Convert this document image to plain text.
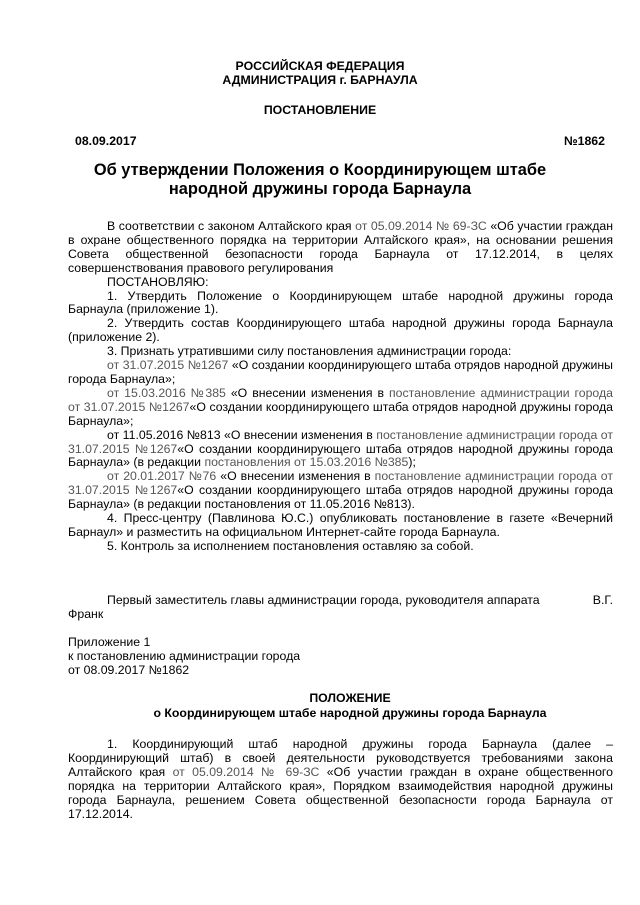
РОССИЙСКАЯ ФЕДЕРАЦИЯ
АДМИНИСТРАЦИЯ г. БАРНАУЛА
ПОСТАНОВЛЕНИЕ
08.09.2017	№1862
Об утверждении Положения о Координирующем штабе
народной дружины города Барнаула
В соответствии с законом Алтайского края от 05.09.2014 № 69-ЗС «Об участии граждан в охране общественного порядка на территории Алтайского края», на основании решения Совета общественной безопасности города Барнаула от 17.12.2014, в целях совершенствования правового регулирования
ПОСТАНОВЛЯЮ:
1. Утвердить Положение о Координирующем штабе народной дружины города Барнаула (приложение 1).
2. Утвердить состав Координирующего штаба народной дружины города Барнаула (приложение 2).
3. Признать утратившими силу постановления администрации города:
от 31.07.2015 №1267 «О создании координирующего штаба отрядов народной дружины города Барнаула»;
от 15.03.2016 №385 «О внесении изменения в постановление администрации города от 31.07.2015 №1267«О создании координирующего штаба отрядов народной дружины города Барнаула»;
от 11.05.2016 №813 «О внесении изменения в постановление администрации города от 31.07.2015 №1267«О создании координирующего штаба отрядов народной дружины города Барнаула» (в редакции постановления от 15.03.2016 №385);
от 20.01.2017 №76 «О внесении изменения в постановление администрации города от 31.07.2015 №1267«О создании координирующего штаба отрядов народной дружины города Барнаула» (в редакции постановления от 11.05.2016 №813).
4. Пресс-центру (Павлинова Ю.С.) опубликовать постановление в газете «Вечерний Барнаул» и разместить на официальном Интернет-сайте города Барнаула.
5. Контроль за исполнением постановления оставляю за собой.
Первый заместитель главы администрации города, руководителя аппарата	В.Г.
Франк
Приложение 1
к постановлению администрации города
от 08.09.2017 №1862
ПОЛОЖЕНИЕ
о Координирующем штабе народной дружины города Барнаула
1. Координирующий штаб народной дружины города Барнаула (далее – Координирующий штаб) в своей деятельности руководствуется требованиями закона Алтайского края от 05.09.2014 № 69-ЗС «Об участии граждан в охране общественного порядка на территории Алтайского края», Порядком взаимодействия народной дружины города Барнаула, решением Совета общественной безопасности города Барнаула от 17.12.2014.
